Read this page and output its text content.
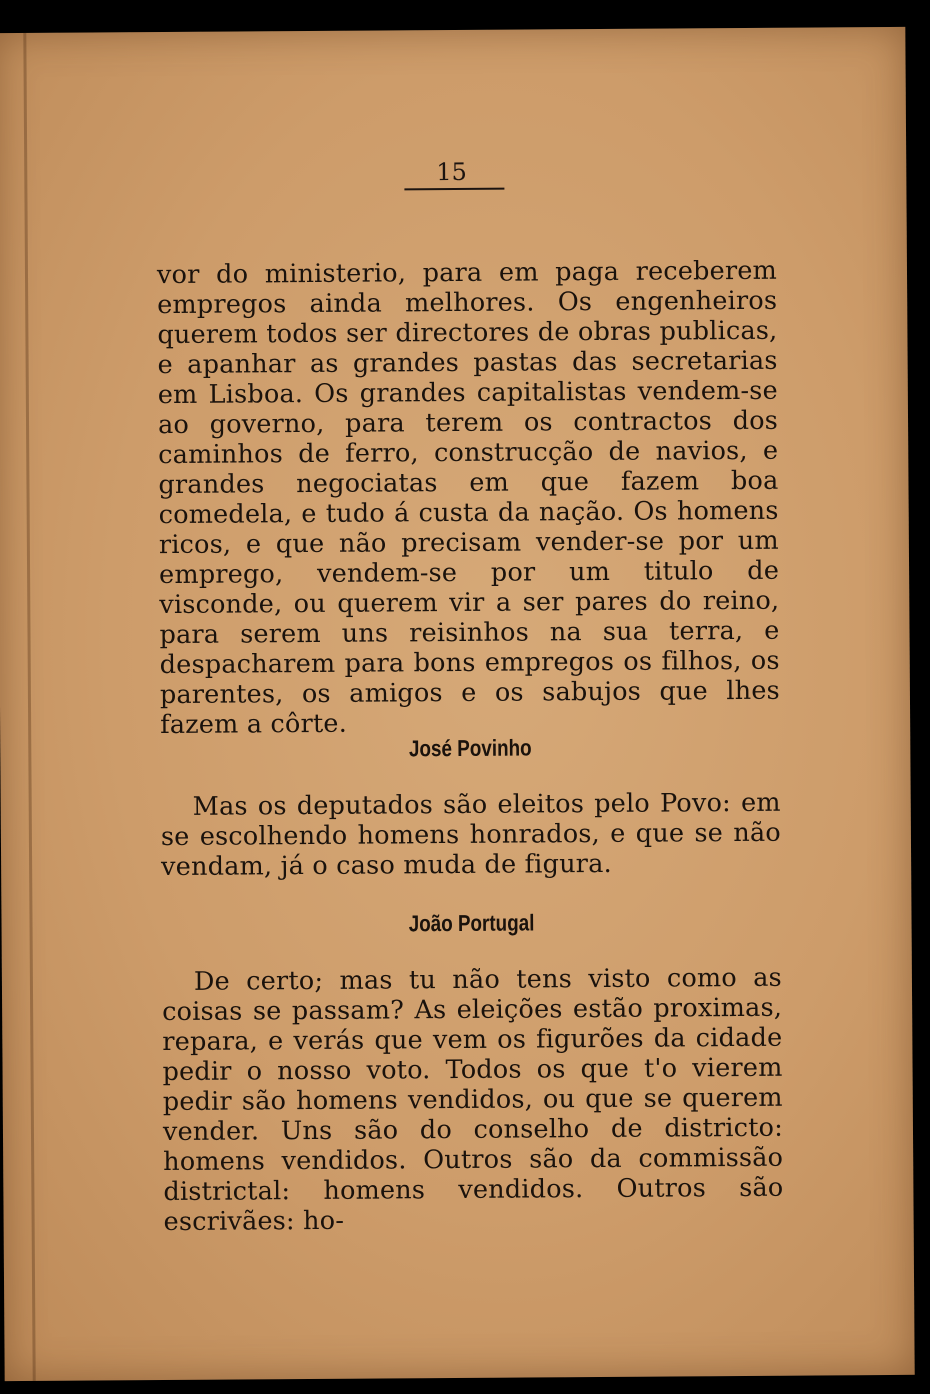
15

vor do ministerio, para em paga receberem empregos ainda melhores. Os engenheiros querem todos ser directores de obras publicas, e apanhar as grandes pastas das secretarias em Lisboa. Os grandes capitalistas vendem-se ao governo, para terem os contractos dos caminhos de ferro, construcção de navios, e grandes negociatas em que fazem boa comedela, e tudo á custa da nação. Os homens ricos, e que não precisam vender-se por um emprego, vendem-se por um titulo de visconde, ou querem vir a ser pares do reino, para serem uns reisinhos na sua terra, e despacharem para bons empregos os filhos, os parentes, os amigos e os sabujos que lhes fazem a côrte.

José Povinho

Mas os deputados são eleitos pelo Povo: em se escolhendo homens honrados, e que se não vendam, já o caso muda de figura.

João Portugal

De certo; mas tu não tens visto como as coisas se passam? As eleições estão proximas, repara, e verás que vem os figurões da cidade pedir o nosso voto. Todos os que t'o vierem pedir são homens vendidos, ou que se querem vender. Uns são do conselho de districto: homens vendidos. Outros são da commissão districtal: homens vendidos. Outros são escrivães: ho-
